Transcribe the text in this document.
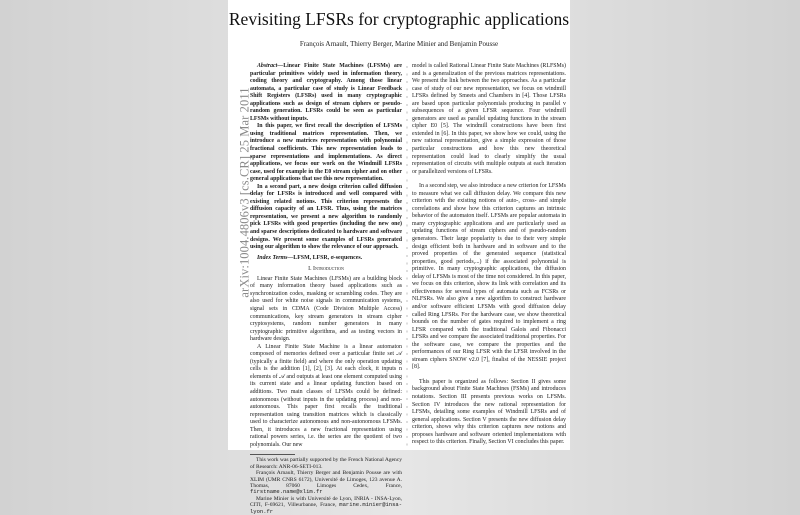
arXiv:1004.4806v3 [cs.CR] 25 Mar 2011
Revisiting LFSRs for cryptographic applications
François Arnault, Thierry Berger, Marine Minier and Benjamin Pousse

Abstract—Linear Finite State Machines (LFSMs) are particular primitives widely used in information theory, coding theory and cryptography. Among those linear automata, a particular case of study is Linear Feedback Shift Registers (LFSRs) used in many cryptographic applications such as design of stream ciphers or pseudo-random generation. LFSRs could be seen as particular LFSMs without inputs.

In this paper, we first recall the description of LFSMs using traditional matrices representation. Then, we introduce a new matrices representation with polynomial fractional coefficients. This new representation leads to sparse representations and implementations. As direct applications, we focus our work on the Windmill LFSRs case, used for example in the E0 stream cipher and on other general applications that use this new representation.

In a second part, a new design criterion called diffusion delay for LFSRs is introduced and well compared with existing related notions. This criterion represents the diffusion capacity of an LFSR. Thus, using the matrices representation, we present a new algorithm to randomly pick LFSRs with good properties (including the new one) and sparse descriptions dedicated to hardware and software designs. We present some examples of LFSRs generated using our algorithm to show the relevance of our approach.

Index Terms—LFSM, LFSR, σ-sequences.

I. Introduction

Linear Finite State Machines (LFSMs) are a building block of many information theory based applications such as synchronization codes, masking or scrambling codes. They are also used for white noise signals in communication systems, signal sets in CDMA (Code Division Multiple Access) communications, key stream generators in stream cipher cryptosystems, random number generators in many cryptographic primitive algorithms, and as testing vectors in hardware design.

A Linear Finite State Machine is a linear automaton composed of memories defined over a particular finite set 𝒜 (typically a finite field) and where the only operation updating cells is the addition [1], [2], [3]. At each clock, it inputs n elements of 𝒜 and outputs at least one element computed using its current state and a linear updating function based on additions. Two main classes of LFSMs could be defined: autonomous (without inputs in the updating process) and non-autonomous. This paper first recalls the traditional representation using transition matrices which is classically used to characterize autonomous and non-autonomous LFSMs. Then, it introduces a new fractional representation using rational powers series, i.e. the series are the quotient of two polynomials. Our new

This work was partially supported by the French National Agency of Research: ANR-06-SETI-013.

François Arnault, Thierry Berger and Benjamin Pousse are with XLIM (UMR CNRS 6172), Université de Limoges, 123 avenue A. Thomas, 87060 Limoges Cedex, France, firstname.name@xlim.fr

Marine Minier is with Université de Lyon, INRIA - INSA-Lyon, CITI, F-69621, Villeurbanne, France, marine.minier@insa-lyon.fr

model is called Rational Linear Finite State Machines (RLFSMs) and is a generalization of the previous matrices representations. We present the link between the two approaches. As a particular case of study of our new representation, we focus on windmill LFSRs defined by Smeets and Chambers in [4]. Those LFSRs are based upon particular polynomials producing in parallel v subsequences of a given LFSR sequence. Four windmill generators are used as parallel updating functions in the stream cipher E0 [5]. The windmill constructions have been first extended in [6]. In this paper, we show how we could, using the new rational representation, give a simple expression of those particular constructions and how this new theoretical representation could lead to clearly simplify the usual representation of circuits with multiple outputs at each iteration or parallelized versions of LFSRs.

In a second step, we also introduce a new criterion for LFSMs to measure what we call diffusion delay. We compare this new criterion with the existing notions of auto-, cross- and simple correlations and show how this criterion captures an intrinsic behavior of the automaton itself. LFSMs are popular automata in many cryptographic applications and are particularly used as updating functions of stream ciphers and of pseudo-random generators. Their large popularity is due to their very simple design efficient both in hardware and in software and to the proved properties of the generated sequence (statistical properties, good periods,...) if the associated polynomial is primitive. In many cryptographic applications, the diffusion delay of LFSMs is most of the time not considered. In this paper, we focus on this criterion, show its link with correlation and its effectiveness for several types of automata such as FCSRs or NLFSRs. We also give a new algorithm to construct hardware and/or software efficient LFSMs with good diffusion delay called Ring LFSRs. For the hardware case, we show theoretical bounds on the number of gates required to implement a ring LFSR compared with the traditional Galois and Fibonacci LFSRs and we compare the associated traditional properties. For the software case, we compare the properties and the performances of our Ring LFSR with the LFSR involved in the stream ciphers SNOW v2.0 [7], finalist of the NESSIE project [8].

This paper is organized as follows: Section II gives some background about Finite State Machines (FSMs) and introduces notations. Section III presents previous works on LFSMs. Section IV introduces the new rational representation for LFSMs, detailing some examples of Windmill LFSRs and of general applications. Section V presents the new diffusion delay criterion, shows why this criterion captures new notions and proposes hardware and software oriented implementations with respect to this criterion. Finally, Section VI concludes this paper.
